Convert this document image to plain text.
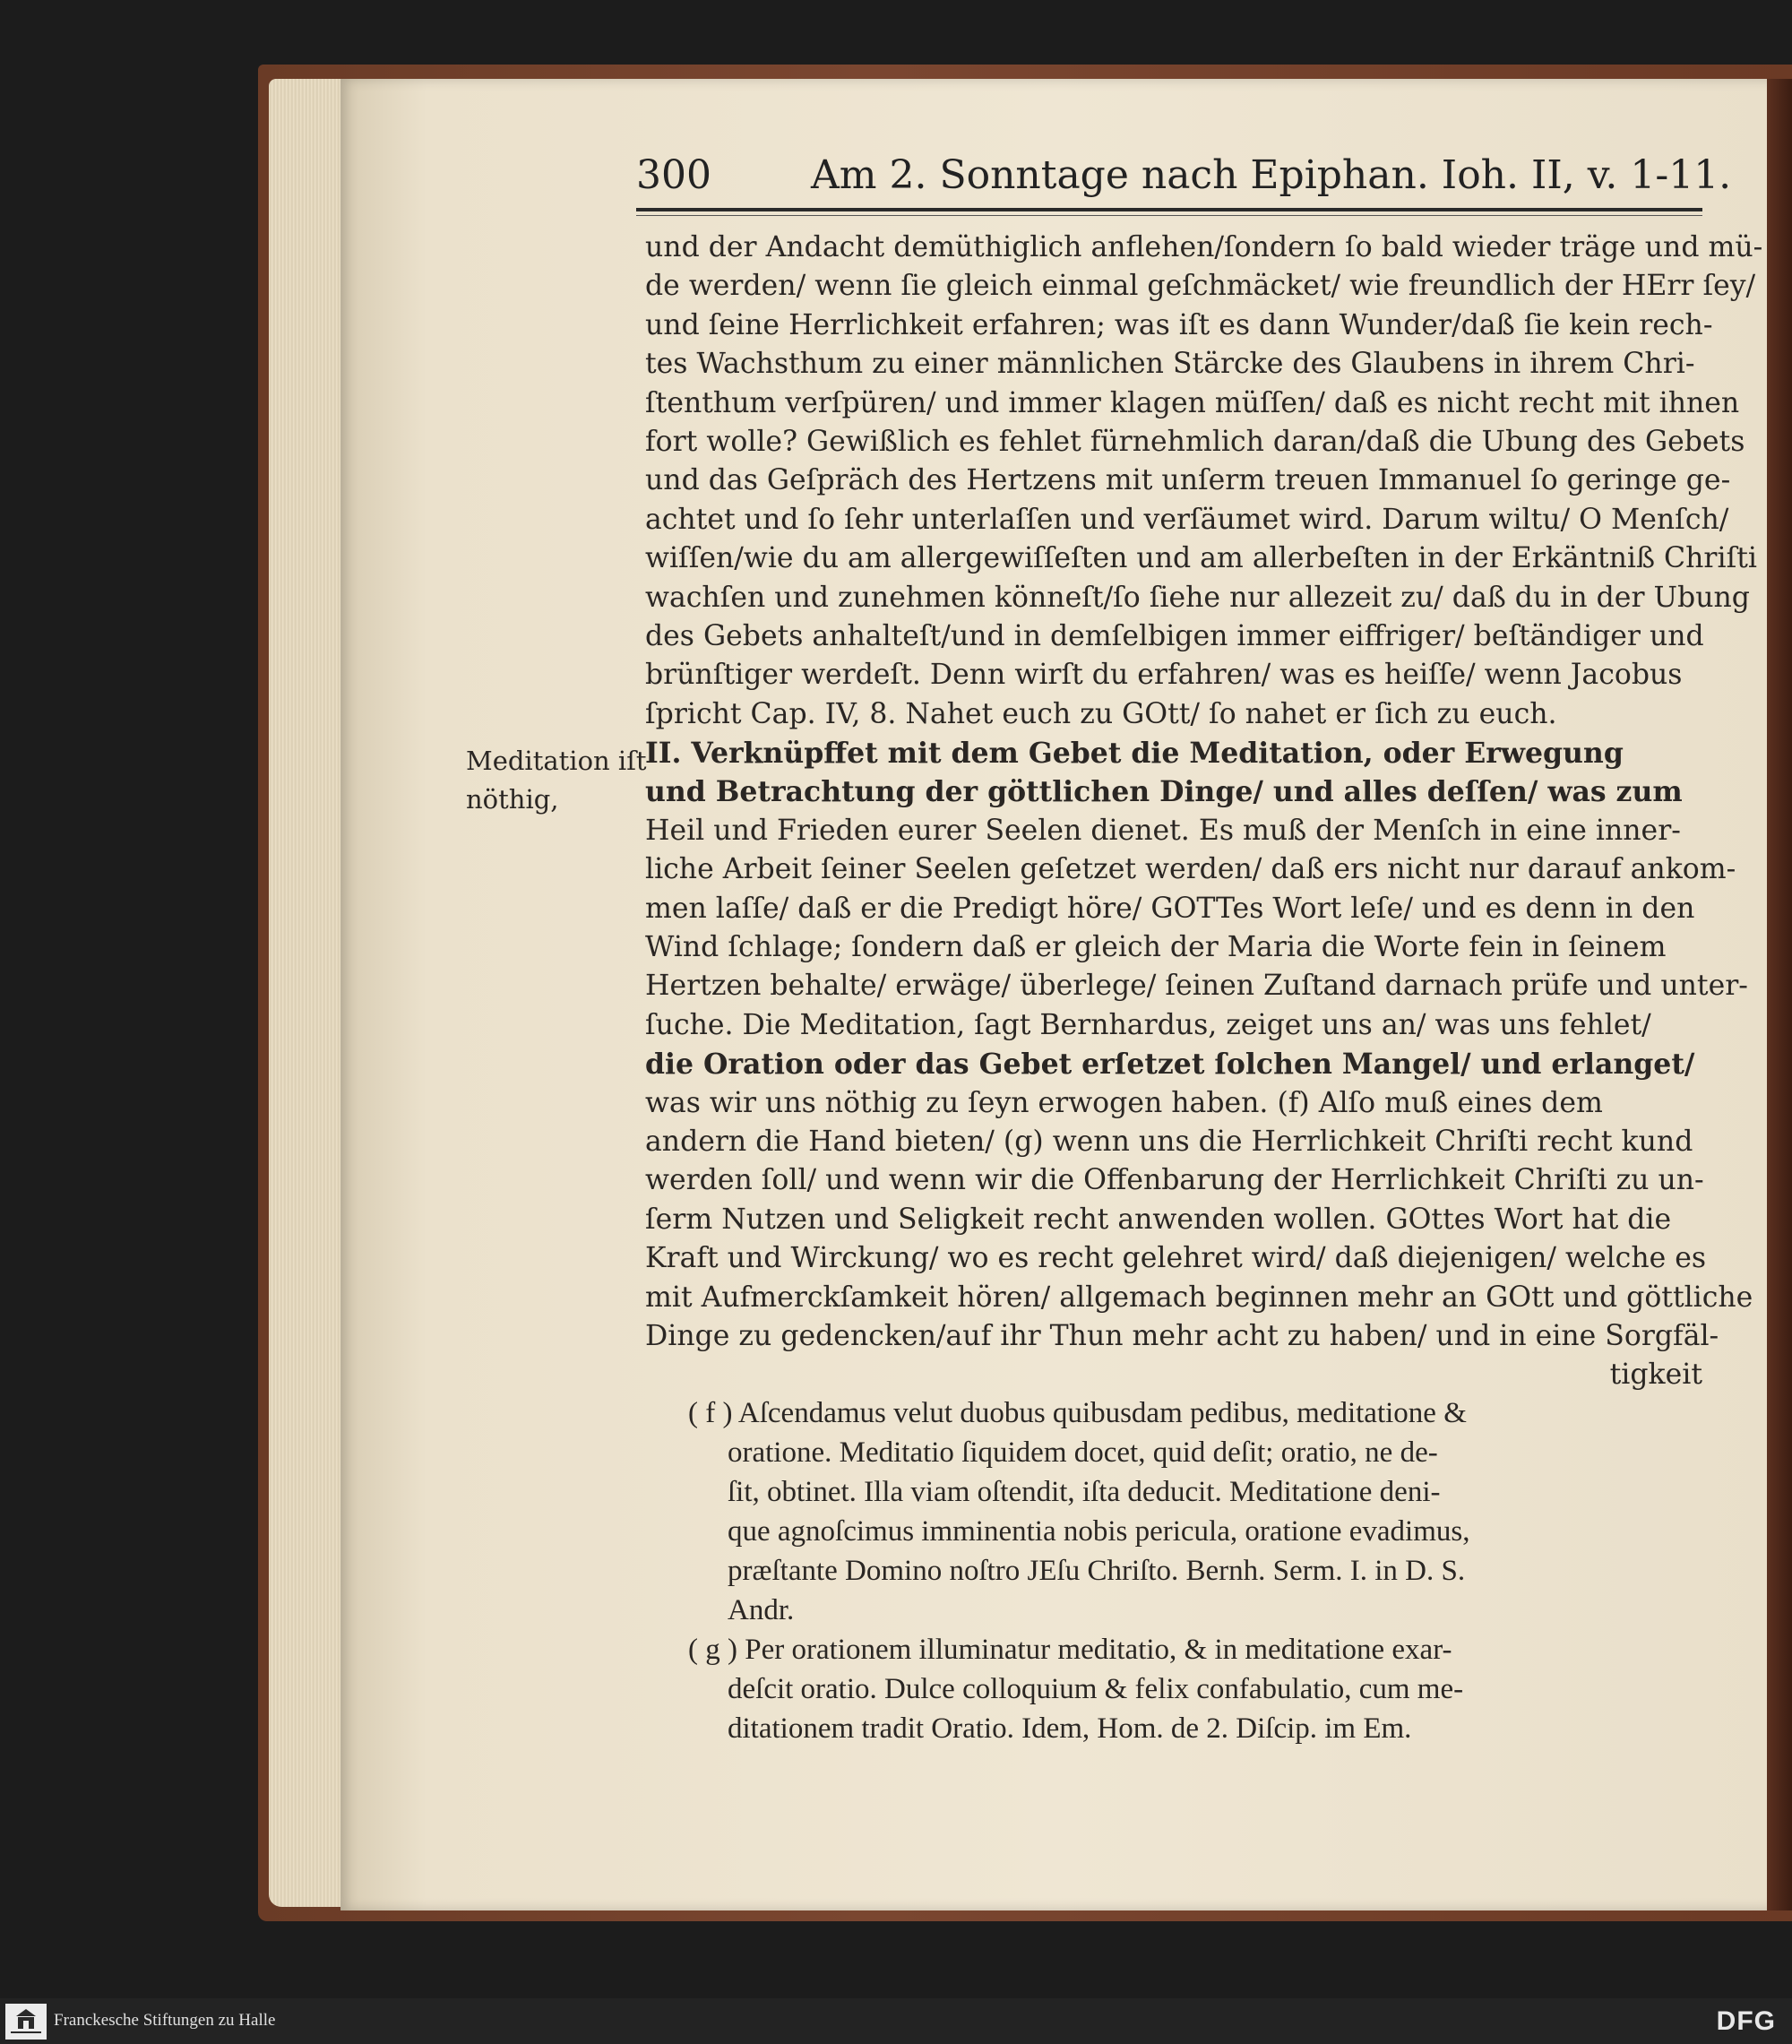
300	Am 2. Sonntage nach Epiphan. Ioh. II, v. 1-11.
Meditation iſt
nöthig,
und der Andacht demüthiglich anflehen/ſondern ſo bald wieder träge und mü-
de werden/ wenn ſie gleich einmal geſchmäcket/ wie freundlich der HErr ſey/
und ſeine Herrlichkeit erfahren; was iſt es dann Wunder/daß ſie kein rech-
tes Wachsthum zu einer männlichen Stärcke des Glaubens in ihrem Chri-
ſtenthum verſpüren/ und immer klagen müſſen/ daß es nicht recht mit ihnen
fort wolle? Gewißlich es fehlet fürnehmlich daran/daß die Ubung des Gebets
und das Geſpräch des Hertzens mit unſerm treuen Immanuel ſo geringe ge-
achtet und ſo ſehr unterlaſſen und verſäumet wird. Darum wiltu/ O Menſch/
wiſſen/wie du am allergewiſſeſten und am allerbeſten in der Erkäntniß Chriſti
wachſen und zunehmen könneſt/ſo ſiehe nur allezeit zu/ daß du in der Ubung
des Gebets anhalteſt/und in demſelbigen immer eiffriger/ beſtändiger und
brünſtiger werdeſt. Denn wirſt du erfahren/ was es heiſſe/ wenn Jacobus
ſpricht Cap. IV, 8. Nahet euch zu GOtt/ ſo nahet er ſich zu euch.
II. Verknüpffet mit dem Gebet die Meditation, oder Erwegung
und Betrachtung der göttlichen Dinge/ und alles deſſen/ was zum
Heil und Frieden eurer Seelen dienet. Es muß der Menſch in eine inner-
liche Arbeit ſeiner Seelen geſetzet werden/ daß ers nicht nur darauf ankom-
men laſſe/ daß er die Predigt höre/ GOTTes Wort leſe/ und es denn in den
Wind ſchlage; ſondern daß er gleich der Maria die Worte fein in ſeinem
Hertzen behalte/ erwäge/ überlege/ ſeinen Zuſtand darnach prüfe und unter-
ſuche. Die Meditation, ſagt Bernhardus, zeiget uns an/ was uns fehlet/
die Oration oder das Gebet erſetzet ſolchen Mangel/ und erlanget/
was wir uns nöthig zu ſeyn erwogen haben. (f) Alſo muß eines dem
andern die Hand bieten/ (g) wenn uns die Herrlichkeit Chriſti recht kund
werden ſoll/ und wenn wir die Offenbarung der Herrlichkeit Chriſti zu un-
ſerm Nutzen und Seligkeit recht anwenden wollen. GOttes Wort hat die
Kraft und Wirckung/ wo es recht gelehret wird/ daß diejenigen/ welche es
mit Aufmerckſamkeit hören/ allgemach beginnen mehr an GOtt und göttliche
Dinge zu gedencken/auf ihr Thun mehr acht zu haben/ und in eine Sorgfäl-
tigkeit
( f ) Aſcendamus velut duobus quibusdam pedibus, meditatione &
oratione. Meditatio ſiquidem docet, quid deſit; oratio, ne de-
ſit, obtinet. Illa viam oſtendit, iſta deducit. Meditatione deni-
que agnoſcimus imminentia nobis pericula, oratione evadimus,
præſtante Domino noſtro JEſu Chriſto. Bernh. Serm. I. in D. S.
Andr.
( g ) Per orationem illuminatur meditatio, & in meditatione exar-
deſcit oratio. Dulce colloquium & felix confabulatio, cum me-
ditationem tradit Oratio. Idem, Hom. de 2. Diſcip. im Em.
Franckesche Stiftungen zu Halle	DFG
